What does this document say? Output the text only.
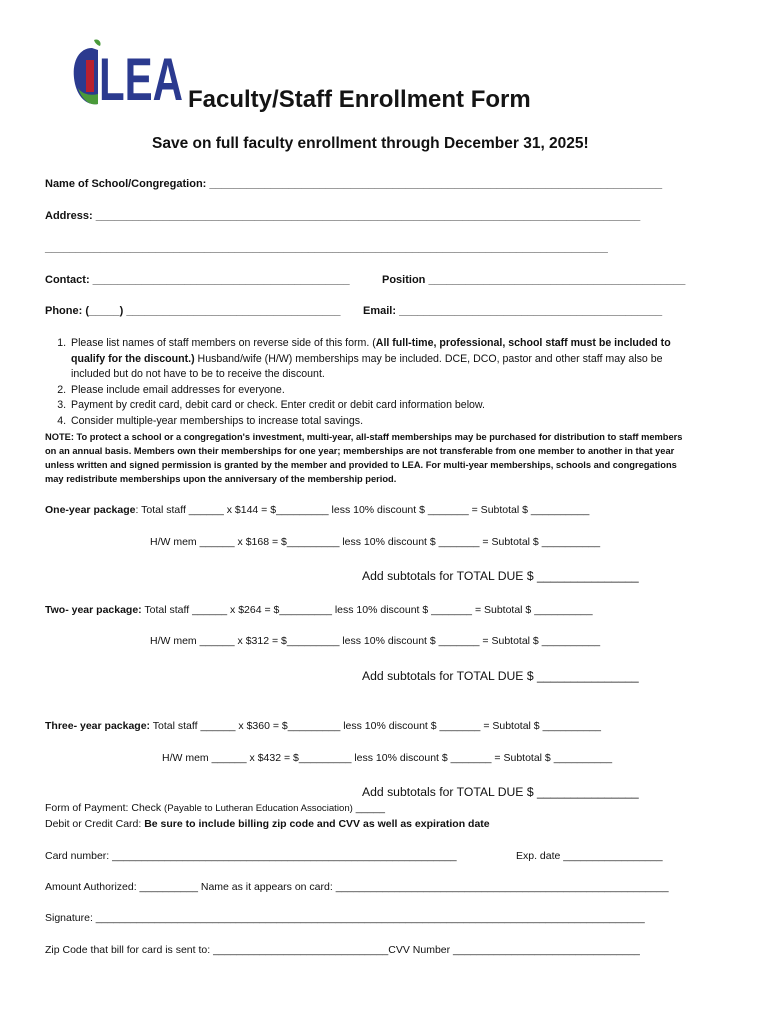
LEA Faculty/Staff Enrollment Form
Save on full faculty enrollment through December 31, 2025!
Name of School/Congregation: __________________________________________________________________________
Address: _________________________________________________________________________________________
____________________________________________________________________________________________
Contact: __________________________________________	Position __________________________________________
Phone: (_____) ___________________________________ Email: ___________________________________________
1. Please list names of staff members on reverse side of this form. (All full-time, professional, school staff must be included to qualify for the discount.) Husband/wife (H/W) memberships may be included. DCE, DCO, pastor and other staff may also be included but do not have to be to receive the discount.
2. Please include email addresses for everyone.
3. Payment by credit card, debit card or check. Enter credit or debit card information below.
4. Consider multiple-year memberships to increase total savings.
NOTE: To protect a school or a congregation's investment, multi-year, all-staff memberships may be purchased for distribution to staff members on an annual basis. Members own their memberships for one year; memberships are not transferable from one member to another in that year unless written and signed permission is granted by the member and provided to LEA. For multi-year memberships, schools and congregations may redistribute memberships upon the anniversary of the membership period.
One-year package: Total staff ______ x $144 = $_________ less 10% discount $ _______ = Subtotal $ __________
H/W mem ______ x $168 = $_________ less 10% discount $ _______ = Subtotal $ __________
Add subtotals for TOTAL DUE $ _______________
Two- year package: Total staff ______ x $264 = $_________ less 10% discount $ _______ = Subtotal $ __________
H/W mem ______ x $312 = $_________ less 10% discount $ _______ = Subtotal $ __________
Add subtotals for TOTAL DUE $ _______________
Three- year package: Total staff ______ x $360 = $_________ less 10% discount $ _______ = Subtotal $ __________
H/W mem ______ x $432 = $_________ less 10% discount $ _______ = Subtotal $ __________
Add subtotals for TOTAL DUE $ _______________
Form of Payment: Check (Payable to Lutheran Education Association) _____
Debit or Credit Card: Be sure to include billing zip code and CVV as well as expiration date
Card number: ___________________________________________________________	Exp. date _________________
Amount Authorized: __________ Name as it appears on card: _________________________________________________________
Signature: ______________________________________________________________________________________________
Zip Code that bill for card is sent to: ______________________________CVV Number ________________________________
